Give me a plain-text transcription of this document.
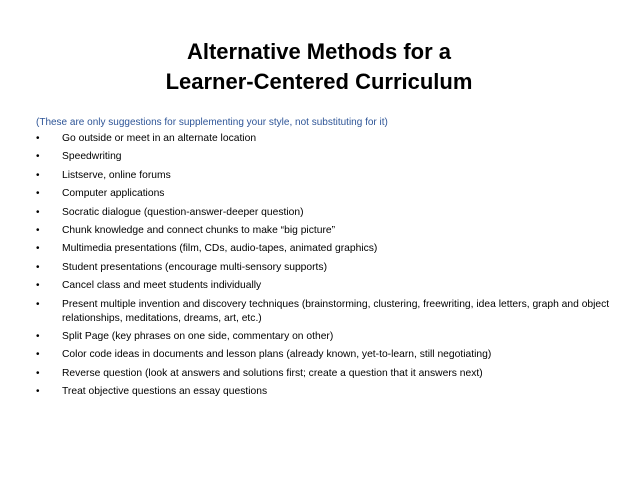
Alternative Methods for a
Learner-Centered Curriculum
(These are only suggestions for supplementing your style, not substituting for it)
• Go outside or meet in an alternate location
• Speedwriting
• Listserve, online forums
• Computer applications
• Socratic dialogue (question-answer-deeper question)
• Chunk knowledge and connect chunks to make “big picture”
• Multimedia presentations (film, CDs, audio-tapes, animated graphics)
• Student presentations (encourage multi-sensory supports)
• Cancel class and meet students individually
• Present multiple invention and discovery techniques (brainstorming, clustering, freewriting, idea letters, graph and object relationships, meditations, dreams, art, etc.)
• Split Page (key phrases on one side, commentary on other)
• Color code ideas in documents and lesson plans (already known, yet-to-learn, still negotiating)
• Reverse question (look at answers and solutions first; create a question that it answers next)
• Treat objective questions an essay questions
